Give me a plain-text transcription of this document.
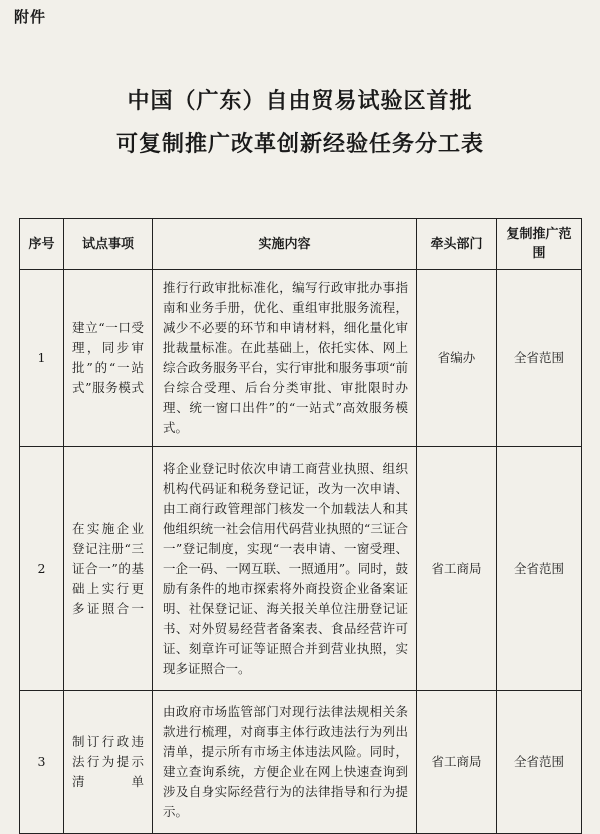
附件
中国（广东）自由贸易试验区首批
可复制推广改革创新经验任务分工表
序号	试点事项	实施内容	牵头部门	复制推广范围
1	建立“一口受理，同步审批”的“一站式”服务模式	推行行政审批标准化，编写行政审批办事指南和业务手册，优化、重组审批服务流程，减少不必要的环节和申请材料，细化量化审批裁量标准。在此基础上，依托实体、网上综合政务服务平台，实行审批和服务事项“前台综合受理、后台分类审批、审批限时办理、统一窗口出件”的“一站式”高效服务模式。	省编办	全省范围
2	在实施企业登记注册“三证合一”的基础上实行更多证照合一	将企业登记时依次申请工商营业执照、组织机构代码证和税务登记证，改为一次申请、由工商行政管理部门核发一个加载法人和其他组织统一社会信用代码营业执照的“三证合一”登记制度，实现“一表申请、一窗受理、一企一码、一网互联、一照通用”。同时，鼓励有条件的地市探索将外商投资企业备案证明、社保登记证、海关报关单位注册登记证书、对外贸易经营者备案表、食品经营许可证、刻章许可证等证照合并到营业执照，实现多证照合一。	省工商局	全省范围
3	制订行政违法行为提示清单	由政府市场监管部门对现行法律法规相关条款进行梳理，对商事主体行政违法行为列出清单，提示所有市场主体违法风险。同时，建立查询系统，方便企业在网上快速查询到涉及自身实际经营行为的法律指导和行为提示。	省工商局	全省范围
